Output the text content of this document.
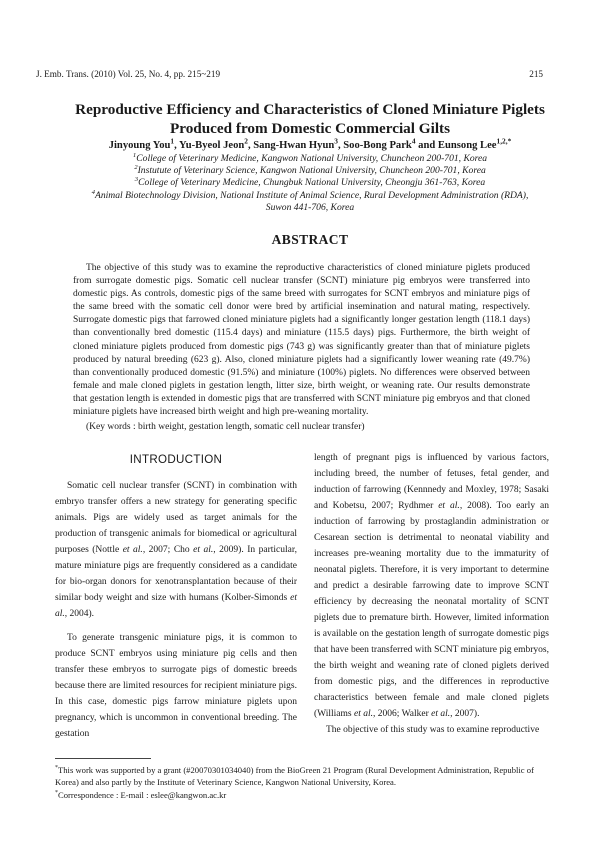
J. Emb. Trans. (2010) Vol. 25, No. 4, pp. 215~219	215
Reproductive Efficiency and Characteristics of Cloned Miniature Piglets
Produced from Domestic Commercial Gilts
Jinyoung You$^1$, Yu-Byeol Jeon$^2$, Sang-Hwan Hyun$^3$, Soo-Bong Park$^4$ and Eunsong Lee$^{1,2,*}$
$^1$College of Veterinary Medicine, Kangwon National University, Chuncheon 200-701, Korea
$^2$Instutute of Veterinary Science, Kangwon National University, Chuncheon 200-701, Korea
$^3$College of Veterinary Medicine, Chungbuk National University, Cheongju 361-763, Korea
$^4$Animal Biotechnology Division, National Institute of Animal Science, Rural Development Administration (RDA),
Suwon 441-706, Korea
ABSTRACT

The objective of this study was to examine the reproductive characteristics of cloned miniature piglets produced from surrogate domestic pigs. Somatic cell nuclear transfer (SCNT) miniature pig embryos were transferred into domestic pigs. As controls, domestic pigs of the same breed with surrogates for SCNT embryos and miniature pigs of the same breed with the somatic cell donor were bred by artificial insemination and natural mating, respectively. Surrogate domestic pigs that farrowed cloned miniature piglets had a significantly longer gestation length (118.1 days) than conventionally bred domestic (115.4 days) and miniature (115.5 days) pigs. Furthermore, the birth weight of cloned miniature piglets produced from domestic pigs (743 g) was significantly greater than that of miniature piglets produced by natural breeding (623 g). Also, cloned miniature piglets had a significantly lower weaning rate (49.7%) than conventionally produced domestic (91.5%) and miniature (100%) piglets. No differences were observed between female and male cloned piglets in gestation length, litter size, birth weight, or weaning rate. Our results demonstrate that gestation length is extended in domestic pigs that are transferred with SCNT miniature pig embryos and that cloned miniature piglets have increased birth weight and high pre-weaning mortality.

(Key words : birth weight, gestation length, somatic cell nuclear transfer)

INTRODUCTION

Somatic cell nuclear transfer (SCNT) in combination with embryo transfer offers a new strategy for generating specific animals. Pigs are widely used as target animals for the production of transgenic animals for biomedical or agricultural purposes (Nottle et al., 2007; Cho et al., 2009). In particular, mature miniature pigs are frequently considered as a candidate for bio-organ donors for xenotransplantation because of their similar body weight and size with humans (Kolber-Simonds et al., 2004).

To generate transgenic miniature pigs, it is common to produce SCNT embryos using miniature pig cells and then transfer these embryos to surrogate pigs of domestic breeds because there are limited resources for recipient miniature pigs. In this case, domestic pigs farrow miniature piglets upon pregnancy, which is uncommon in conventional breeding. The gestation

length of pregnant pigs is influenced by various factors, including breed, the number of fetuses, fetal gender, and induction of farrowing (Kennnedy and Moxley, 1978; Sasaki and Kobetsu, 2007; Rydhmer et al., 2008). Too early an induction of farrowing by prostaglandin administration or Cesarean section is detrimental to neonatal viability and increases pre-weaning mortality due to the immaturity of neonatal piglets. Therefore, it is very important to determine and predict a desirable farrowing date to improve SCNT efficiency by decreasing the neonatal mortality of SCNT piglets due to premature birth. However, limited information is available on the gestation length of surrogate domestic pigs that have been transferred with SCNT miniature pig embryos, the birth weight and weaning rate of cloned piglets derived from domestic pigs, and the differences in reproductive characteristics between female and male cloned piglets (Williams et al., 2006; Walker et al., 2007).

The objective of this study was to examine reproductive

*This work was supported by a grant (#20070301034040) from the BioGreen 21 Program (Rural Development Administration, Republic of Korea) and also partly by the Institute of Veterinary Science, Kangwon National University, Korea.

*Correspondence : E-mail : eslee@kangwon.ac.kr
